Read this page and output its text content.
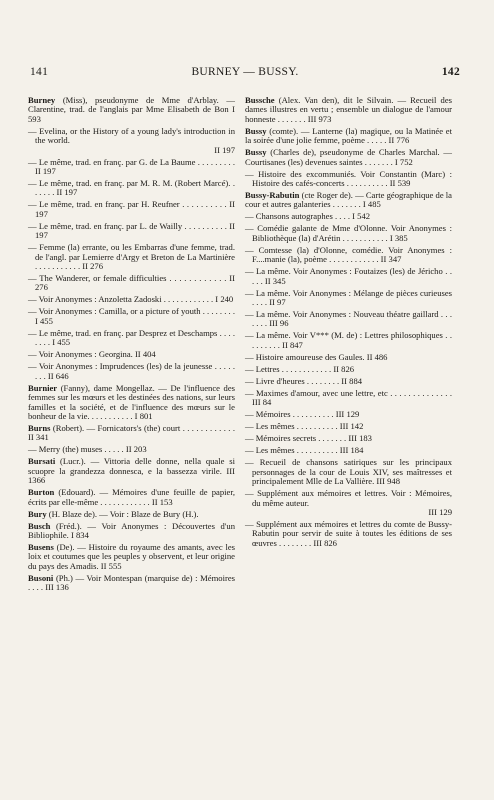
141	BURNEY — BUSSY.	142
Burney (Miss), pseudonyme de Mme d'Arblay. — Clarentine, trad. de l'anglais par Mme Elisabeth de Bon I 593
— Evelina, or the History of a young lady's introduction in the world.
II 197
— Le même, trad. en franç. par G. de La Baume . . . . . . . . . II 197
— Le même, trad. en franç. par M. R. M. (Robert Marcé). . . . . . . II 197
— Le même, trad. en franç. par H. Reufner . . . . . . . . . . II 197
— Le même, trad. en franç. par L. de Wailly . . . . . . . . . . II 197
— Femme (la) errante, ou les Embarras d'une femme, trad. de l'angl. par Lemierre d'Argy et Breton de La Martinière . . . . . . . . . . . II 276
— The Wanderer, or female difficulties . . . . . . . . . . . . II 276
— Voir Anonymes : Anzoletta Zadoski . . . . . . . . . . . . I 240
— Voir Anonymes : Camilla, or a picture of youth . . . . . . . . I 455
— Le même, trad. en franç. par Desprez et Deschamps . . . . . . . . I 455
— Voir Anonymes : Georgina. II 404
— Voir Anonymes : Imprudences (les) de la jeunesse . . . . . . . . II 646
Burnier (Fanny), dame Mongellaz. — De l'influence des femmes sur les mœurs et les destinées des nations, sur leurs familles et la société, et de l'influence des mœurs sur le bonheur de la vie. . . . . . . . . . . I 801
Burns (Robert). — Fornicators's (the) court . . . . . . . . . . . . II 341
— Merry (the) muses . . . . . II 203
Bursati (Lucr.). — Vittoria delle donne, nella quale si scuopre la grandezza donnesca, e la bassezza virile. III 1366
Burton (Edouard). — Mémoires d'une feuille de papier, écrits par elle-même . . . . . . . . . . . . II 153
Bury (H. Blaze de). — Voir : Blaze de Bury (H.).
Busch (Fréd.). — Voir Anonymes : Découvertes d'un Bibliophile. I 834
Busens (De). — Histoire du royaume des amants, avec les loix et coutumes que les peuples y observent, et leur origine du pays des Amadis. II 555
Busoni (Ph.) — Voir Montespan (marquise de) : Mémoires . . . . III 136
Bussche (Alex. Van den), dit le Silvain. — Recueil des dames illustres en vertu ; ensemble un dialogue de l'amour honneste . . . . . . . III 973
Bussy (comte). — Lanterne (la) magique, ou la Matinée et la soirée d'une jolie femme, poème . . . . . II 776
Bussy (Charles de), pseudonyme de Charles Marchal. — Courtisanes (les) devenues saintes . . . . . . . I 752
— Histoire des excommuniés. Voir Constantin (Marc) : Histoire des cafés-concerts . . . . . . . . . . II 539
Bussy-Rabutin (cte Roger de). — Carte géographique de la cour et autres galanteries . . . . . . . I 485
— Chansons autographes . . . . I 542
— Comédie galante de Mme d'Olonne. Voir Anonymes : Bibliothèque (la) d'Arétin . . . . . . . . . . . I 385
— Comtesse (la) d'Olonne, comédie. Voir Anonymes : F....manie (la), poème . . . . . . . . . . . . II 347
— La même. Voir Anonymes : Foutaizes (les) de Jéricho . . . . . II 345
— La même. Voir Anonymes : Mélange de pièces curieuses . . . . II 97
— La même. Voir Anonymes : Nouveau théatre gaillard . . . . . . . III 96
— La même. Voir V*** (M. de) : Lettres philosophiques . . . . . . . . . II 847
— Histoire amoureuse des Gaules. II 486
— Lettres . . . . . . . . . . . . II 826
— Livre d'heures . . . . . . . . II 884
— Maximes d'amour, avec une lettre, etc . . . . . . . . . . . . . . III 84
— Mémoires . . . . . . . . . . III 129
— Les mêmes . . . . . . . . . . III 142
— Mémoires secrets . . . . . . . III 183
— Les mêmes . . . . . . . . . . III 184
— Recueil de chansons satiriques sur les principaux personnages de la cour de Louis XIV, ses maîtresses et principalement Mlle de La Vallière. III 948
— Supplément aux mémoires et lettres. Voir : Mémoires, du même auteur.
III 129
— Supplément aux mémoires et lettres du comte de Bussy-Rabutin pour servir de suite à toutes les éditions de ses œuvres . . . . . . . . III 826
